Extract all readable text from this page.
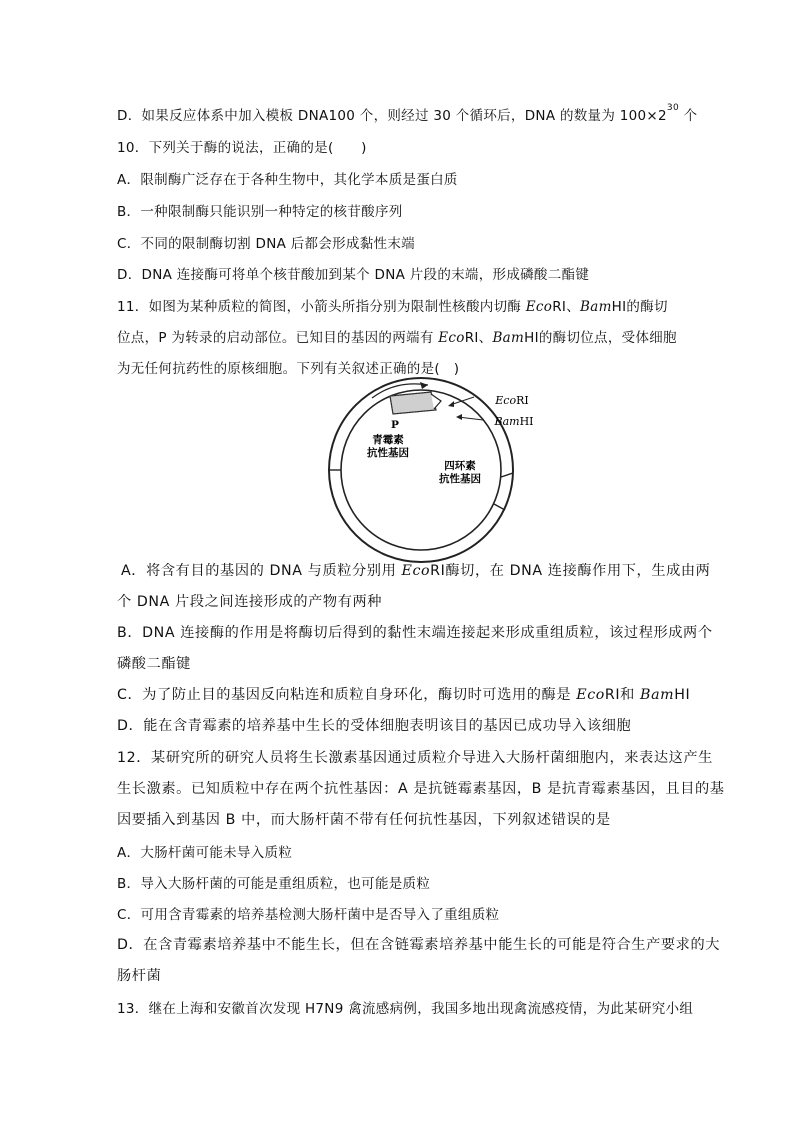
D．如果反应体系中加入模板 DNA100 个，则经过 30 个循环后，DNA 的数量为 $100\times 2^{30}$ 个
10．下列关于酶的说法，正确的是(　　)
A．限制酶广泛存在于各种生物中，其化学本质是蛋白质
B．一种限制酶只能识别一种特定的核苷酸序列
C．不同的限制酶切割 DNA 后都会形成黏性末端
D．DNA 连接酶可将单个核苷酸加到某个 DNA 片段的末端，形成磷酸二酯键
11．如图为某种质粒的简图，小箭头所指分别为限制性核酸内切酶 EcoRⅠ、BamHⅠ的酶切
位点，P 为转录的启动部位。已知目的基因的两端有 EcoRⅠ、BamHⅠ的酶切位点，受体细胞
为无任何抗药性的原核细胞。下列有关叙述正确的是(　)
EcoRⅠ
BamHⅠ
P
青霉素
抗性基因
四环素
抗性基因
A．将含有目的基因的 DNA 与质粒分别用 EcoRⅠ酶切，在 DNA 连接酶作用下，生成由两
个 DNA 片段之间连接形成的产物有两种
B．DNA 连接酶的作用是将酶切后得到的黏性末端连接起来形成重组质粒，该过程形成两个
磷酸二酯键
C．为了防止目的基因反向粘连和质粒自身环化，酶切时可选用的酶是 EcoRⅠ和 BamHⅠ
D．能在含青霉素的培养基中生长的受体细胞表明该目的基因已成功导入该细胞
12．某研究所的研究人员将生长激素基因通过质粒介导进入大肠杆菌细胞内，来表达这产生
生长激素。已知质粒中存在两个抗性基因：A 是抗链霉素基因，B 是抗青霉素基因，且目的基
因要插入到基因 B 中，而大肠杆菌不带有任何抗性基因，下列叙述错误的是
A．大肠杆菌可能未导入质粒
B．导入大肠杆菌的可能是重组质粒，也可能是质粒
C．可用含青霉素的培养基检测大肠杆菌中是否导入了重组质粒
D．在含青霉素培养基中不能生长，但在含链霉素培养基中能生长的可能是符合生产要求的大
肠杆菌
13．继在上海和安徽首次发现 H7N9 禽流感病例，我国多地出现禽流感疫情，为此某研究小组
